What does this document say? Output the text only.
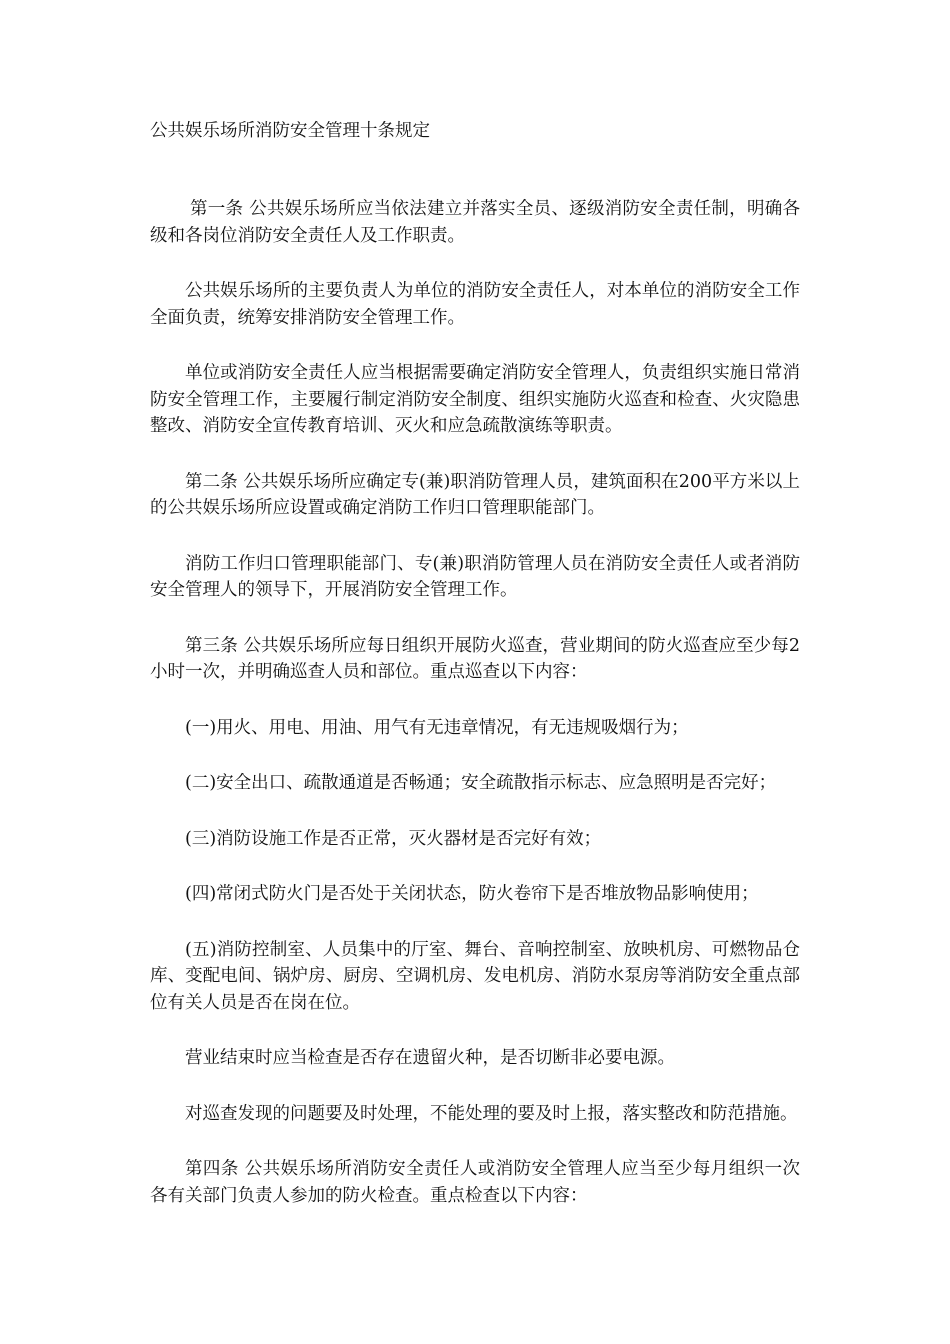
公共娱乐场所消防安全管理十条规定

第一条 公共娱乐场所应当依法建立并落实全员、逐级消防安全责任制，明确各级和各岗位消防安全责任人及工作职责。

公共娱乐场所的主要负责人为单位的消防安全责任人，对本单位的消防安全工作全面负责，统筹安排消防安全管理工作。

单位或消防安全责任人应当根据需要确定消防安全管理人，负责组织实施日常消防安全管理工作，主要履行制定消防安全制度、组织实施防火巡查和检查、火灾隐患整改、消防安全宣传教育培训、灭火和应急疏散演练等职责。

第二条 公共娱乐场所应确定专(兼)职消防管理人员，建筑面积在200平方米以上的公共娱乐场所应设置或确定消防工作归口管理职能部门。

消防工作归口管理职能部门、专(兼)职消防管理人员在消防安全责任人或者消防安全管理人的领导下，开展消防安全管理工作。

第三条 公共娱乐场所应每日组织开展防火巡查，营业期间的防火巡查应至少每2小时一次，并明确巡查人员和部位。重点巡查以下内容：

(一)用火、用电、用油、用气有无违章情况，有无违规吸烟行为；

(二)安全出口、疏散通道是否畅通；安全疏散指示标志、应急照明是否完好；

(三)消防设施工作是否正常，灭火器材是否完好有效；

(四)常闭式防火门是否处于关闭状态，防火卷帘下是否堆放物品影响使用；

(五)消防控制室、人员集中的厅室、舞台、音响控制室、放映机房、可燃物品仓库、变配电间、锅炉房、厨房、空调机房、发电机房、消防水泵房等消防安全重点部位有关人员是否在岗在位。

营业结束时应当检查是否存在遗留火种，是否切断非必要电源。

对巡查发现的问题要及时处理，不能处理的要及时上报，落实整改和防范措施。

第四条 公共娱乐场所消防安全责任人或消防安全管理人应当至少每月组织一次各有关部门负责人参加的防火检查。重点检查以下内容：
